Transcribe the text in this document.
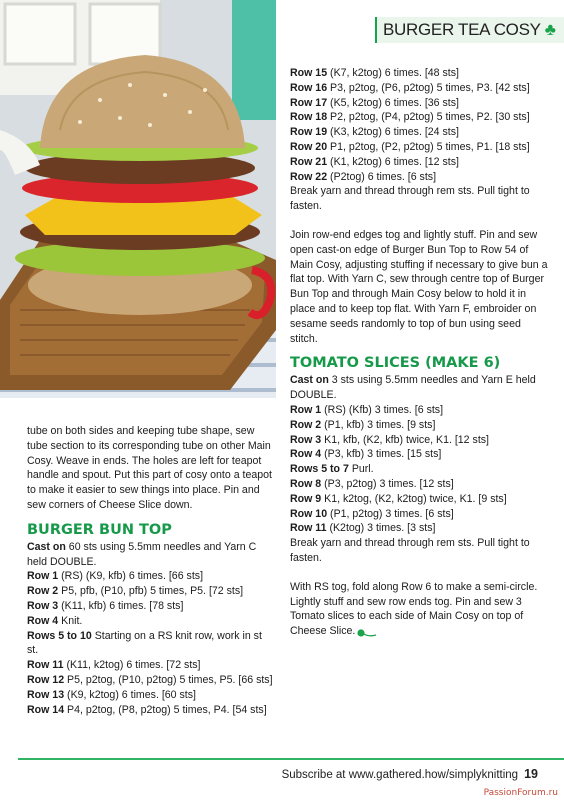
BURGER TEA COSY ♣

Row 15 (K7, k2tog) 6 times. [48 sts]

Row 16 P3, p2tog, (P6, p2tog) 5 times, P3. [42 sts]

Row 17 (K5, k2tog) 6 times. [36 sts]

Row 18 P2, p2tog, (P4, p2tog) 5 times, P2. [30 sts]

Row 19 (K3, k2tog) 6 times. [24 sts]

Row 20 P1, p2tog, (P2, p2tog) 5 times, P1. [18 sts]

Row 21 (K1, k2tog) 6 times. [12 sts]

Row 22 (P2tog) 6 times. [6 sts]

Break yarn and thread through rem sts. Pull tight to fasten.

Join row-end edges tog and lightly stuff. Pin and sew open cast-on edge of Burger Bun Top to Row 54 of Main Cosy, adjusting stuffing if necessary to give bun a flat top. With Yarn C, sew through centre top of Burger Bun Top and through Main Cosy below to hold it in place and to keep top flat. With Yarn F, embroider on sesame seeds randomly to top of bun using seed stitch.

TOMATO SLICES (MAKE 6)

Cast on 3 sts using 5.5mm needles and Yarn E held DOUBLE.

Row 1 (RS) (Kfb) 3 times. [6 sts]

Row 2 (P1, kfb) 3 times. [9 sts]

Row 3 K1, kfb, (K2, kfb) twice, K1. [12 sts]

Row 4 (P3, kfb) 3 times. [15 sts]

Rows 5 to 7 Purl.

Row 8 (P3, p2tog) 3 times. [12 sts]

Row 9 K1, k2tog, (K2, k2tog) twice, K1. [9 sts]

Row 10 (P1, p2tog) 3 times. [6 sts]

Row 11 (K2tog) 3 times. [3 sts]

Break yarn and thread through rem sts. Pull tight to fasten.

With RS tog, fold along Row 6 to make a semi-circle. Lightly stuff and sew row ends tog. Pin and sew 3 Tomato slices to each side of Main Cosy on top of Cheese Slice.

tube on both sides and keeping tube shape, sew tube section to its corresponding tube on other Main Cosy. Weave in ends. The holes are left for teapot handle and spout. Put this part of cosy onto a teapot to make it easier to sew things into place. Pin and sew corners of Cheese Slice down.

BURGER BUN TOP

Cast on 60 sts using 5.5mm needles and Yarn C held DOUBLE.

Row 1 (RS) (K9, kfb) 6 times. [66 sts]

Row 2 P5, pfb, (P10, pfb) 5 times, P5. [72 sts]

Row 3 (K11, kfb) 6 times. [78 sts]

Row 4 Knit.

Rows 5 to 10 Starting on a RS knit row, work in st st.

Row 11 (K11, k2tog) 6 times. [72 sts]

Row 12 P5, p2tog, (P10, p2tog) 5 times, P5. [66 sts]

Row 13 (K9, k2tog) 6 times. [60 sts]

Row 14 P4, p2tog, (P8, p2tog) 5 times, P4. [54 sts]

Subscribe at www.gathered.how/simplyknitting 19
PassionForum.ru
